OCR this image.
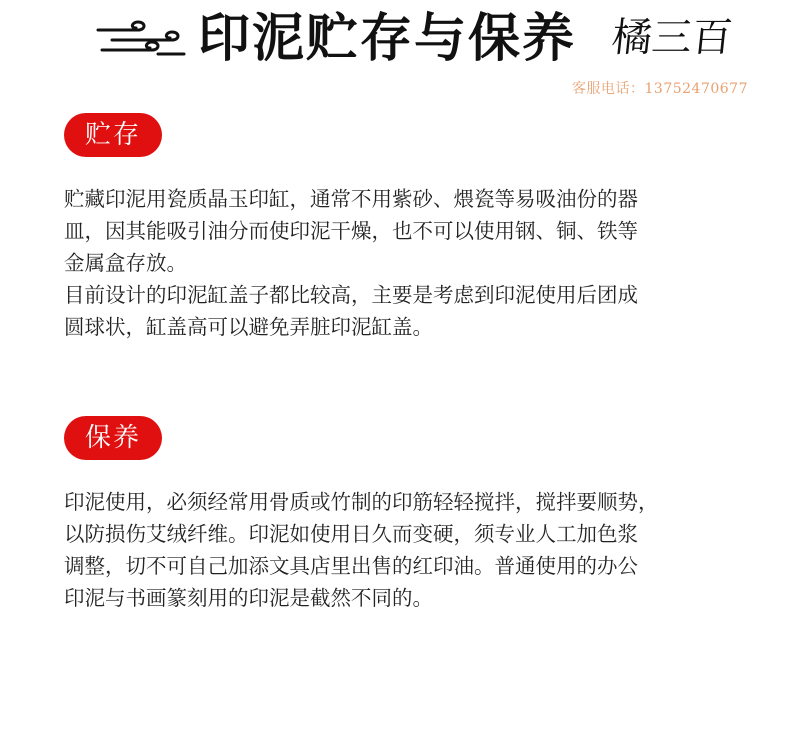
印泥贮存与保养 橘三百
客服电话：13752470677
贮存

贮藏印泥用瓷质晶玉印缸，通常不用紫砂、煨瓷等易吸油份的器
皿，因其能吸引油分而使印泥干燥，也不可以使用钢、铜、铁等
金属盒存放。

目前设计的印泥缸盖子都比较高，主要是考虑到印泥使用后团成
圆球状，缸盖高可以避免弄脏印泥缸盖。

保养

印泥使用，必须经常用骨质或竹制的印筋轻轻搅拌，搅拌要顺势，
以防损伤艾绒纤维。印泥如使用日久而变硬，须专业人工加色浆
调整，切不可自己加添文具店里出售的红印油。普通使用的办公
印泥与书画篆刻用的印泥是截然不同的。
